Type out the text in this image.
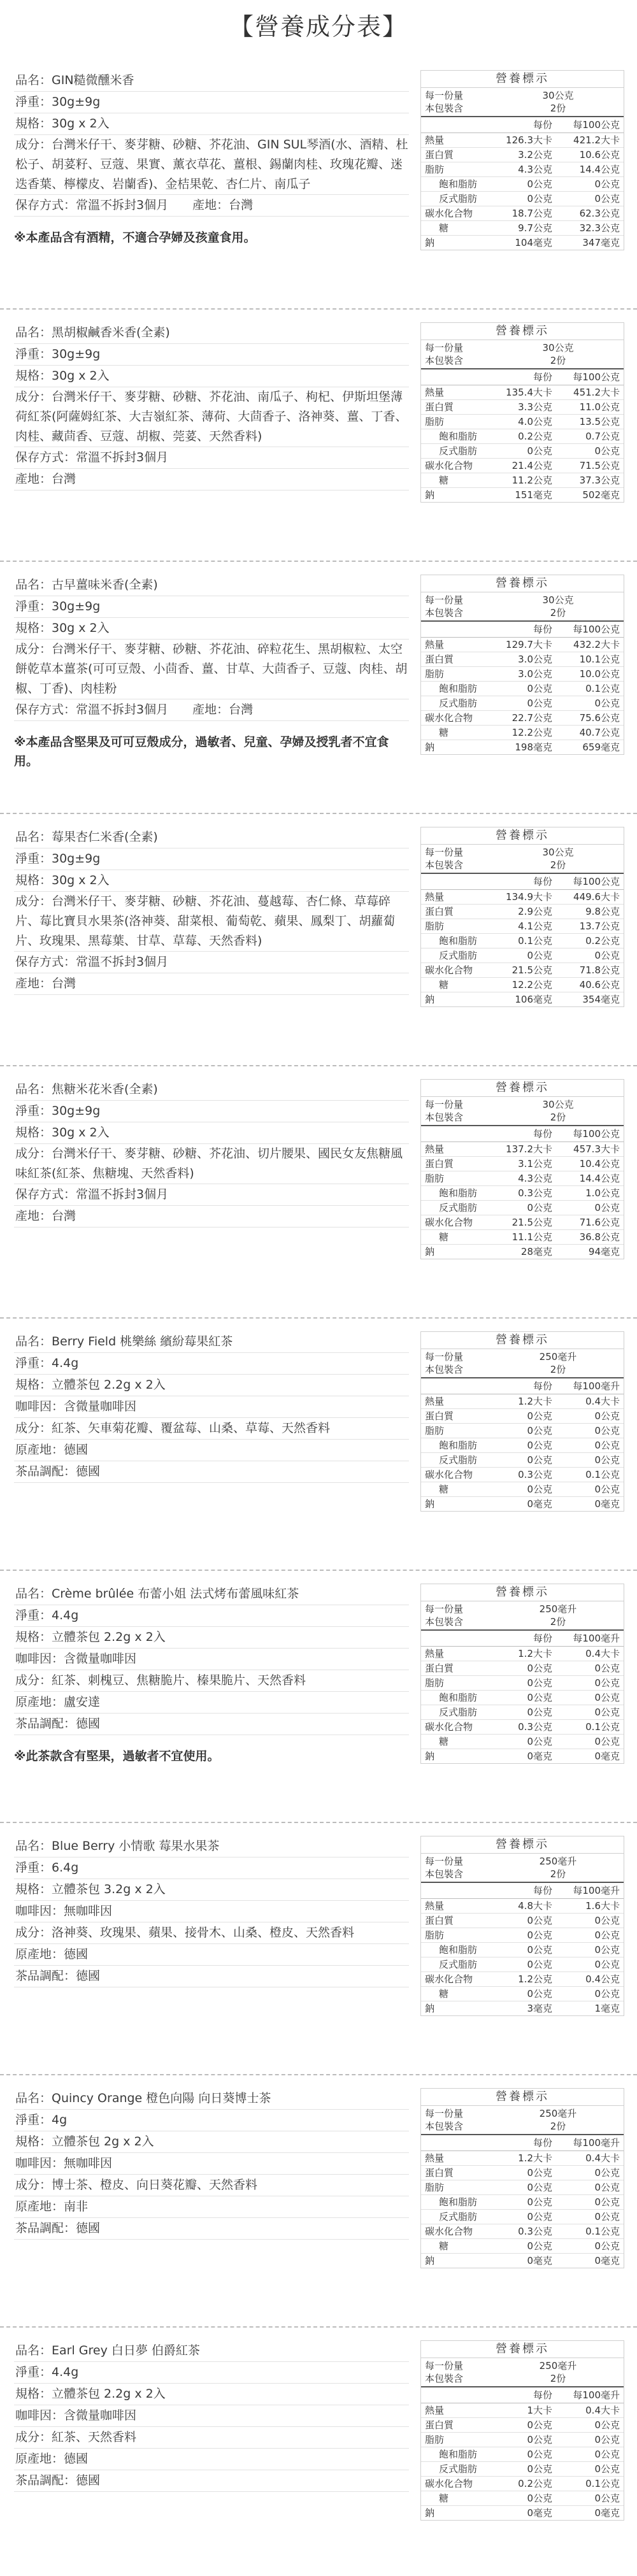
【營養成分表】
品名：GIN糙微醺米香
淨重：30g±9g
規格：30g x 2入
成分：台灣米仔干、麥芽糖、砂糖、芥花油、GIN SUL琴酒(水、酒精、杜松子、胡荽籽、豆蔻、果實、薰衣草花、薑根、錫蘭肉桂、玫瑰花瓣、迷迭香葉、檸檬皮、岩蘭香)、金桔果乾、杏仁片、南瓜子
保存方式：常溫不拆封3個月　　產地：台灣
※本產品含有酒精，不適合孕婦及孩童食用。
營養標示
每一份量	30公克
本包裝含	2份
每份	每100公克
熱量	126.3大卡	421.2大卡
蛋白質	3.2公克	10.6公克
脂肪	4.3公克	14.4公克
飽和脂肪	0公克	0公克
反式脂肪	0公克	0公克
碳水化合物	18.7公克	62.3公克
糖	9.7公克	32.3公克
鈉	104毫克	347毫克
品名：黑胡椒鹹香米香(全素)
淨重：30g±9g
規格：30g x 2入
成分：台灣米仔干、麥芽糖、砂糖、芥花油、南瓜子、枸杞、伊斯坦堡薄荷紅茶(阿薩姆紅茶、大吉嶺紅茶、薄荷、大茴香子、洛神葵、薑、丁香、肉桂、藏茴香、豆蔻、胡椒、莞荽、天然香料)
保存方式：常溫不拆封3個月
產地：台灣
營養標示
每一份量	30公克
本包裝含	2份
每份	每100公克
熱量	135.4大卡	451.2大卡
蛋白質	3.3公克	11.0公克
脂肪	4.0公克	13.5公克
飽和脂肪	0.2公克	0.7公克
反式脂肪	0公克	0公克
碳水化合物	21.4公克	71.5公克
糖	11.2公克	37.3公克
鈉	151毫克	502毫克
品名：古早薑味米香(全素)
淨重：30g±9g
規格：30g x 2入
成分：台灣米仔干、麥芽糖、砂糖、芥花油、碎粒花生、黑胡椒粒、太空餅乾草本薑茶(可可豆殼、小茴香、薑、甘草、大茴香子、豆蔻、肉桂、胡椒、丁香)、肉桂粉
保存方式：常溫不拆封3個月　　產地：台灣
※本產品含堅果及可可豆殼成分，過敏者、兒童、孕婦及授乳者不宜食用。
營養標示
每一份量	30公克
本包裝含	2份
每份	每100公克
熱量	129.7大卡	432.2大卡
蛋白質	3.0公克	10.1公克
脂肪	3.0公克	10.0公克
飽和脂肪	0公克	0.1公克
反式脂肪	0公克	0公克
碳水化合物	22.7公克	75.6公克
糖	12.2公克	40.7公克
鈉	198毫克	659毫克
品名：莓果杏仁米香(全素)
淨重：30g±9g
規格：30g x 2入
成分：台灣米仔干、麥芽糖、砂糖、芥花油、蔓越莓、杏仁條、草莓碎片、莓比寶貝水果茶(洛神葵、甜菜根、葡萄乾、蘋果、鳳梨丁、胡蘿蔔片、玫瑰果、黑莓葉、甘草、草莓、天然香料)
保存方式：常溫不拆封3個月
產地：台灣
營養標示
每一份量	30公克
本包裝含	2份
每份	每100公克
熱量	134.9大卡	449.6大卡
蛋白質	2.9公克	9.8公克
脂肪	4.1公克	13.7公克
飽和脂肪	0.1公克	0.2公克
反式脂肪	0公克	0公克
碳水化合物	21.5公克	71.8公克
糖	12.2公克	40.6公克
鈉	106毫克	354毫克
品名：焦糖米花米香(全素)
淨重：30g±9g
規格：30g x 2入
成分：台灣米仔干、麥芽糖、砂糖、芥花油、切片腰果、國民女友焦糖風味紅茶(紅茶、焦糖塊、天然香料)
保存方式：常溫不拆封3個月
產地：台灣
營養標示
每一份量	30公克
本包裝含	2份
每份	每100公克
熱量	137.2大卡	457.3大卡
蛋白質	3.1公克	10.4公克
脂肪	4.3公克	14.4公克
飽和脂肪	0.3公克	1.0公克
反式脂肪	0公克	0公克
碳水化合物	21.5公克	71.6公克
糖	11.1公克	36.8公克
鈉	28毫克	94毫克
品名：Berry Field 桃樂絲 繽紛莓果紅茶
淨重：4.4g
規格：立體茶包 2.2g x 2入
咖啡因：含微量咖啡因
成分：紅茶、矢車菊花瓣、覆盆莓、山桑、草莓、天然香料
原產地：德國
茶品調配：德國
營養標示
每一份量	250毫升
本包裝含	2份
每份	每100毫升
熱量	1.2大卡	0.4大卡
蛋白質	0公克	0公克
脂肪	0公克	0公克
飽和脂肪	0公克	0公克
反式脂肪	0公克	0公克
碳水化合物	0.3公克	0.1公克
糖	0公克	0公克
鈉	0毫克	0毫克
品名：Crème brûlée 布蕾小姐 法式烤布蕾風味紅茶
淨重：4.4g
規格：立體茶包 2.2g x 2入
咖啡因：含微量咖啡因
成分：紅茶、刺槐豆、焦糖脆片、榛果脆片、天然香料
原產地：盧安達
茶品調配：德國
※此茶款含有堅果，過敏者不宜使用。
營養標示
每一份量	250毫升
本包裝含	2份
每份	每100毫升
熱量	1.2大卡	0.4大卡
蛋白質	0公克	0公克
脂肪	0公克	0公克
飽和脂肪	0公克	0公克
反式脂肪	0公克	0公克
碳水化合物	0.3公克	0.1公克
糖	0公克	0公克
鈉	0毫克	0毫克
品名：Blue Berry 小情歌 莓果水果茶
淨重：6.4g
規格：立體茶包 3.2g x 2入
咖啡因：無咖啡因
成分：洛神葵、玫瑰果、蘋果、接骨木、山桑、橙皮、天然香料
原產地：德國
茶品調配：德國
營養標示
每一份量	250毫升
本包裝含	2份
每份	每100毫升
熱量	4.8大卡	1.6大卡
蛋白質	0公克	0公克
脂肪	0公克	0公克
飽和脂肪	0公克	0公克
反式脂肪	0公克	0公克
碳水化合物	1.2公克	0.4公克
糖	0公克	0公克
鈉	3毫克	1毫克
品名：Quincy Orange 橙色向陽 向日葵博士茶
淨重：4g
規格：立體茶包 2g x 2入
咖啡因：無咖啡因
成分：博士茶、橙皮、向日葵花瓣、天然香料
原產地：南非
茶品調配：德國
營養標示
每一份量	250毫升
本包裝含	2份
每份	每100毫升
熱量	1.2大卡	0.4大卡
蛋白質	0公克	0公克
脂肪	0公克	0公克
飽和脂肪	0公克	0公克
反式脂肪	0公克	0公克
碳水化合物	0.3公克	0.1公克
糖	0公克	0公克
鈉	0毫克	0毫克
品名：Earl Grey 白日夢 伯爵紅茶
淨重：4.4g
規格：立體茶包 2.2g x 2入
咖啡因：含微量咖啡因
成分：紅茶、天然香料
原產地：德國
茶品調配：德國
營養標示
每一份量	250毫升
本包裝含	2份
每份	每100毫升
熱量	1大卡	0.4大卡
蛋白質	0公克	0公克
脂肪	0公克	0公克
飽和脂肪	0公克	0公克
反式脂肪	0公克	0公克
碳水化合物	0.2公克	0.1公克
糖	0公克	0公克
鈉	0毫克	0毫克
